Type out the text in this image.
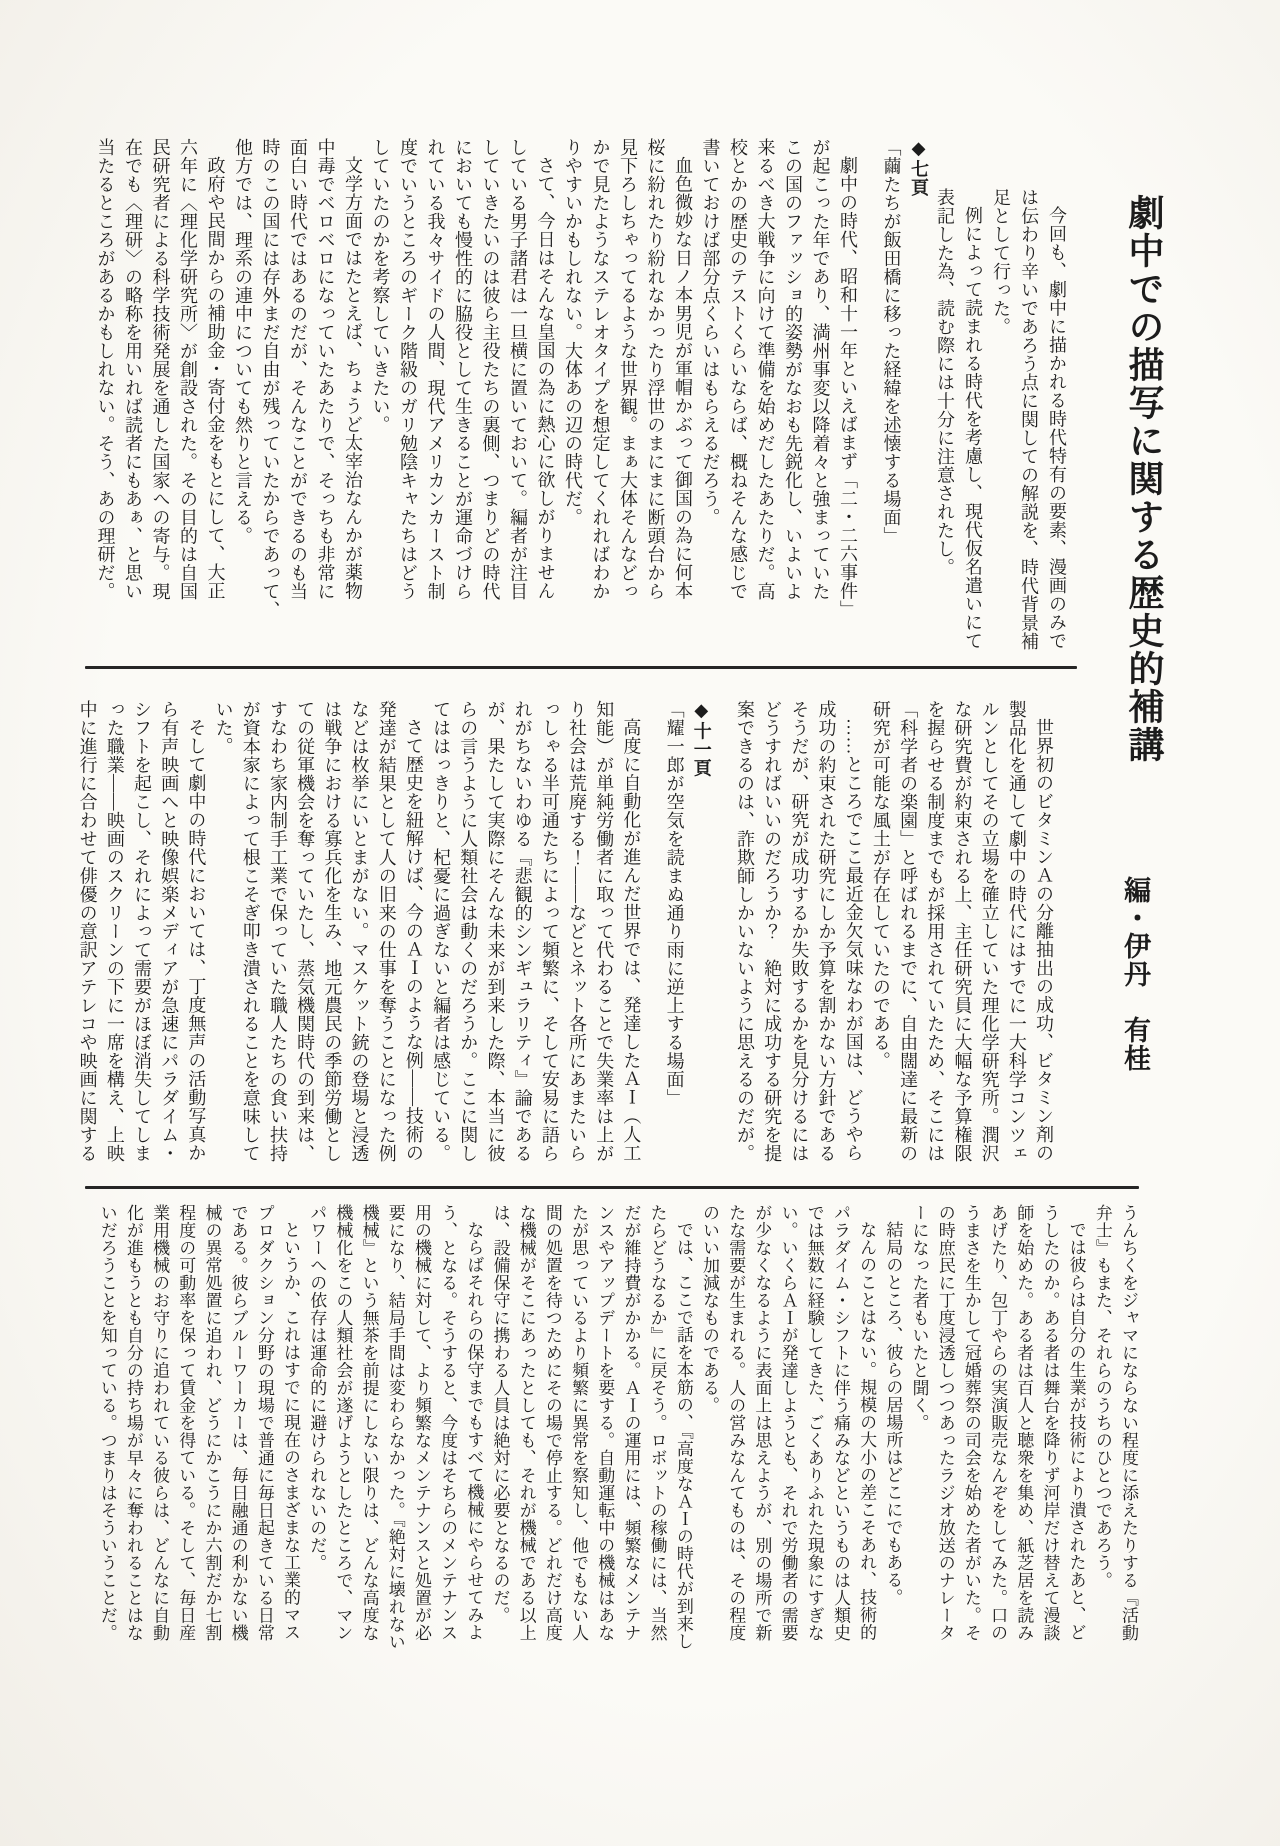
劇中での描写に関する歴史的補講
編・伊丹　有桂
今回も、劇中に描かれる時代特有の要素、漫画のみで
は伝わり辛いであろう点に関しての解説を、時代背景補
足として行った。
例によって読まれる時代を考慮し、現代仮名遣いにて
表記した為、読む際には十分に注意されたし。
◆七頁
「繭たちが飯田橋に移った経緯を述懐する場面」
劇中の時代、昭和十一年といえばまず「二・二六事件」
が起こった年であり、満州事変以降着々と強まっていた
この国のファッショ的姿勢がなおも先鋭化し、いよいよ
来るべき大戦争に向けて準備を始めだしたあたりだ。高
校とかの歴史のテストくらいならば、概ねそんな感じで
書いておけば部分点くらいはもらえるだろう。
血色微妙な日ノ本男児が軍帽かぶって御国の為に何本
桜に紛れたり紛れなかったり浮世のまにまに断頭台から
見下ろしちゃってるような世界観。まぁ大体そんなどっ
かで見たようなステレオタイプを想定してくれればわか
りやすいかもしれない。大体あの辺の時代だ。
さて、今日はそんな皇国の為に熱心に欲しがりません
している男子諸君は一旦横に置いておいて。編者が注目
していきたいのは彼ら主役たちの裏側、つまりどの時代
においても慢性的に脇役として生きることが運命づけら
れている我々サイドの人間、現代アメリカンカースト制
度でいうところのギーク階級のガリ勉陰キャたちはどう
していたのかを考察していきたい。
文学方面ではたとえば、ちょうど太宰治なんかが薬物
中毒でベロベロになっていたあたりで、そっちも非常に
面白い時代ではあるのだが、そんなことができるのも当
時のこの国には存外まだ自由が残っていたからであって、
他方では、理系の連中についても然りと言える。
政府や民間からの補助金・寄付金をもとにして、大正
六年に〈理化学研究所〉が創設された。その目的は自国
民研究者による科学技術発展を通した国家への寄与。現
在でも〈理研〉の略称を用いれば読者にもあぁ、と思い
当たるところがあるかもしれない。そう、あの理研だ。
世界初のビタミンＡの分離抽出の成功、ビタミン剤の
製品化を通して劇中の時代にはすでに一大科学コンツェ
ルンとしてその立場を確立していた理化学研究所。潤沢
な研究費が約束される上、主任研究員に大幅な予算権限
を握らせる制度までもが採用されていたため、そこには
「科学者の楽園」と呼ばれるまでに、自由闊達に最新の
研究が可能な風土が存在していたのである。
……ところでここ最近金欠気味なわが国は、どうやら
成功の約束された研究にしか予算を割かない方針である
そうだが、研究が成功するか失敗するかを見分けるには
どうすればいいのだろうか？　絶対に成功する研究を提
案できるのは、詐欺師しかいないように思えるのだが。
◆十一頁
「耀一郎が空気を読まぬ通り雨に逆上する場面」
高度に自動化が進んだ世界では、発達したＡＩ（人工
知能）が単純労働者に取って代わることで失業率は上が
り社会は荒廃する！——などとネット各所にあまたいら
っしゃる半可通たちによって頻繁に、そして安易に語ら
れがちないわゆる『悲観的シンギュラリティ』論である
が、果たして実際にそんな未来が到来した際、本当に彼
らの言うように人類社会は動くのだろうか。ここに関し
てははっきりと、杞憂に過ぎないと編者は感じている。
さて歴史を紐解けば、今のＡＩのような例——技術の
発達が結果として人の旧来の仕事を奪うことになった例
などは枚挙にいとまがない。マスケット銃の登場と浸透
は戦争における寡兵化を生み、地元農民の季節労働とし
ての従軍機会を奪っていたし、蒸気機関時代の到来は、
すなわち家内制手工業で保っていた職人たちの食い扶持
が資本家によって根こそぎ叩き潰されることを意味して
いた。
そして劇中の時代においては、丁度無声の活動写真か
ら有声映画へと映像娯楽メディアが急速にパラダイム・
シフトを起こし、それによって需要がほぼ消失してしま
った職業——映画のスクリーンの下に一席を構え、上映
中に進行に合わせて俳優の意訳アテレコや映画に関する
うんちくをジャマにならない程度に添えたりする『活動
弁士』もまた、それらのうちのひとつであろう。
では彼らは自分の生業が技術により潰されたあと、ど
うしたのか。ある者は舞台を降りず河岸だけ替えて漫談
師を始めた。ある者は百人と聴衆を集め、紙芝居を読み
あげたり、包丁やらの実演販売なんぞをしてみた。口の
うまさを生かして冠婚葬祭の司会を始めた者がいた。そ
の時庶民に丁度浸透しつつあったラジオ放送のナレータ
ーになった者もいたと聞く。
結局のところ、彼らの居場所はどこにでもある。
なんのことはない。規模の大小の差こそあれ、技術的
パラダイム・シフトに伴う痛みなどというものは人類史
では無数に経験してきた、ごくありふれた現象にすぎな
い。いくらＡＩが発達しようとも、それで労働者の需要
が少なくなるように表面上は思えようが、別の場所で新
たな需要が生まれる。人の営みなんてものは、その程度
のいい加減なものである。
では、ここで話を本筋の、『高度なＡＩの時代が到来し
たらどうなるか』に戻そう。ロボットの稼働には、当然
だが維持費がかかる。ＡＩの運用には、頻繁なメンテナ
ンスやアップデートを要する。自動運転中の機械はあな
たが思っているより頻繁に異常を察知し、他でもない人
間の処置を待つためにその場で停止する。どれだけ高度
な機械がそこにあったとしても、それが機械である以上
は、設備保守に携わる人員は絶対に必要となるのだ。
ならばそれらの保守までもすべて機械にやらせてみよ
う、となる。そうすると、今度はそちらのメンテナンス
用の機械に対して、より頻繁なメンテナンスと処置が必
要になり、結局手間は変わらなかった。『絶対に壊れない
機械』という無茶を前提にしない限りは、どんな高度な
機械化をこの人類社会が遂げようとしたところで、マン
パワーへの依存は運命的に避けられないのだ。
というか、これはすでに現在のさまざまな工業的マス
プロダクション分野の現場で普通に毎日起きている日常
である。彼らブルーワーカーは、毎日融通の利かない機
械の異常処置に追われ、どうにかこうにか六割だか七割
程度の可動率を保って賃金を得ている。そして、毎日産
業用機械のお守りに追われている彼らは、どんなに自動
化が進もうとも自分の持ち場が早々に奪われることはな
いだろうことを知っている。つまりはそういうことだ。
